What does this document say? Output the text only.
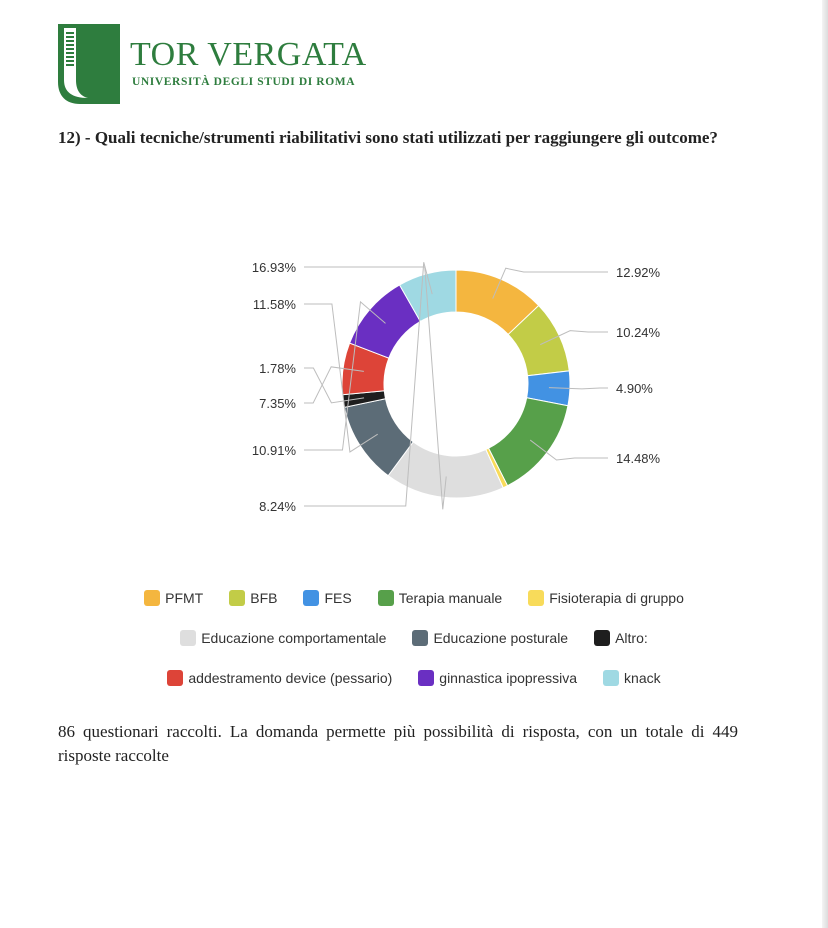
TOR VERGATA
UNIVERSITÀ DEGLI STUDI DI ROMA
12) - Quali tecniche/strumenti riabilitativi sono stati utilizzati per raggiungere gli outcome?
12.92%
10.24%
4.90%
14.48%
16.93%
11.58%
1.78%
7.35%
10.91%
8.24%
PFMT	BFB	FES	Terapia manuale	Fisioterapia di gruppo
Educazione comportamentale	Educazione posturale	Altro:
addestramento device (pessario)	ginnastica ipopressiva	knack
86 questionari raccolti. La domanda permette più possibilità di risposta, con un totale di 449 risposte raccolte
